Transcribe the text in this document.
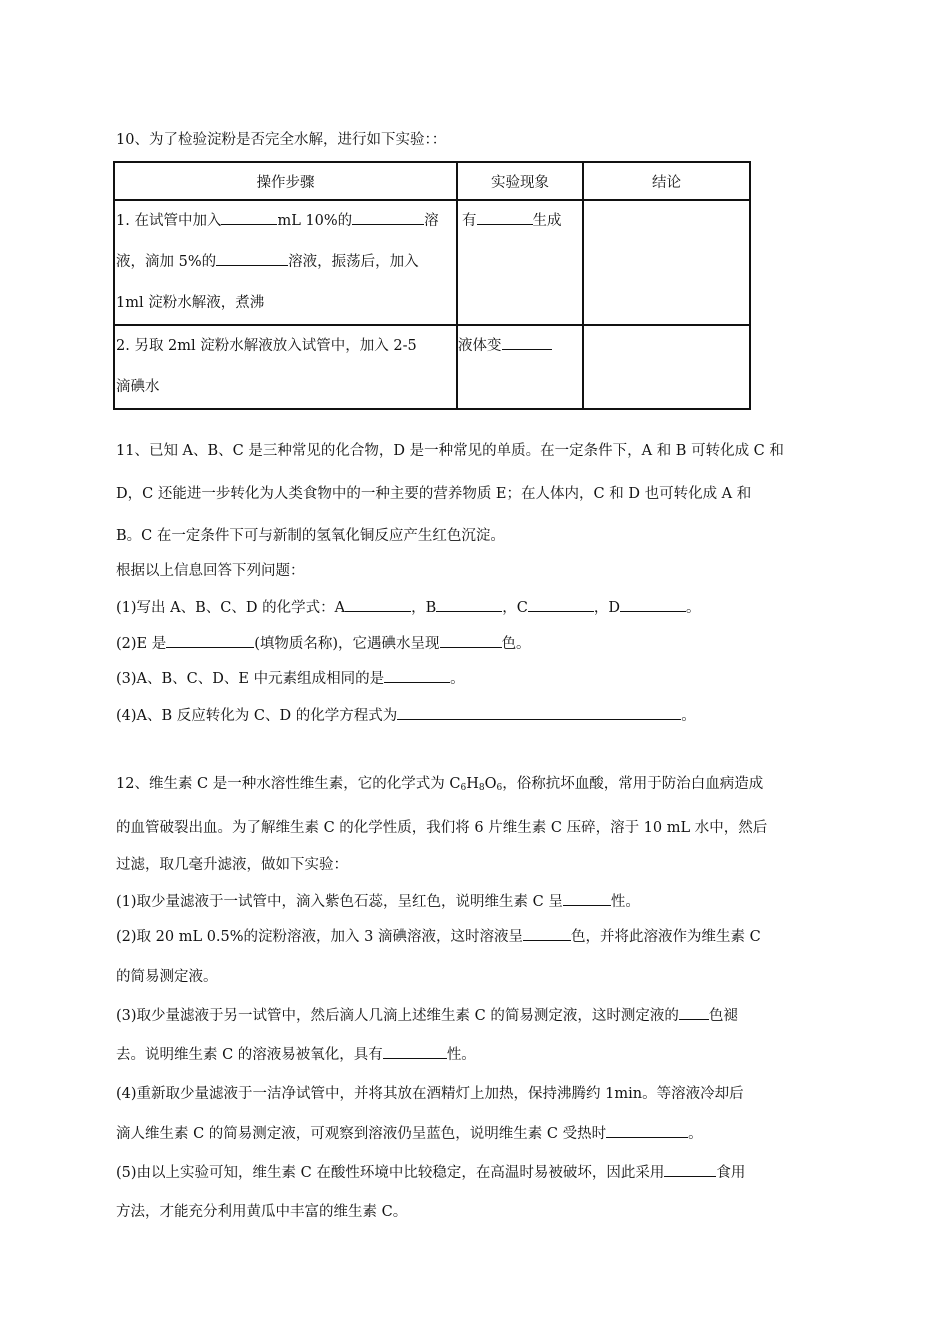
10、为了检验淀粉是否完全水解，进行如下实验：：
操作步骤	实验现象	结论

1. 在试管中加入 mL 10%的 溶
液，滴加 5%的 溶液，振荡后，加入
1ml 淀粉水解液，煮沸	有 生成	

2. 另取 2ml 淀粉水解液放入试管中，加入 2-5
滴碘水	液体变	

11、已知 A、B、C 是三种常见的化合物，D 是一种常见的单质。在一定条件下，A 和 B 可转化成 C 和
D，C 还能进一步转化为人类食物中的一种主要的营养物质 E；在人体内，C 和 D 也可转化成 A 和
B。C 在一定条件下可与新制的氢氧化铜反应产生红色沉淀。
根据以上信息回答下列问题：
(1)写出 A、B、C、D 的化学式：A	，B	，C	，D	。
(2)E 是	(填物质名称)，它遇碘水呈现	色。
(3)A、B、C、D、E 中元素组成相同的是	。
(4)A、B 反应转化为 C、D 的化学方程式为	。
12、维生素 C 是一种水溶性维生素，它的化学式为 $C_6H_8O_6$，俗称抗坏血酸，常用于防治白血病造成
的血管破裂出血。为了解维生素 C 的化学性质，我们将 6 片维生素 C 压碎，溶于 10 mL 水中，然后
过滤，取几毫升滤液，做如下实验：
(1)取少量滤液于一试管中，滴入紫色石蕊，呈红色，说明维生素 C 呈	性。
(2)取 20 mL 0.5%的淀粉溶液，加入 3 滴碘溶液，这时溶液呈	色，并将此溶液作为维生素 C
的简易测定液。
(3)取少量滤液于另一试管中，然后滴人几滴上述维生素 C 的简易测定液，这时测定液的 色褪
去。说明维生素 C 的溶液易被氧化，具有	性。
(4)重新取少量滤液于一洁净试管中，并将其放在酒精灯上加热，保持沸腾约 1min。等溶液冷却后
滴人维生素 C 的简易测定液，可观察到溶液仍呈蓝色，说明维生素 C 受热时	。
(5)由以上实验可知，维生素 C 在酸性环境中比较稳定，在高温时易被破坏，因此采用	食用
方法，才能充分利用黄瓜中丰富的维生素 C。
